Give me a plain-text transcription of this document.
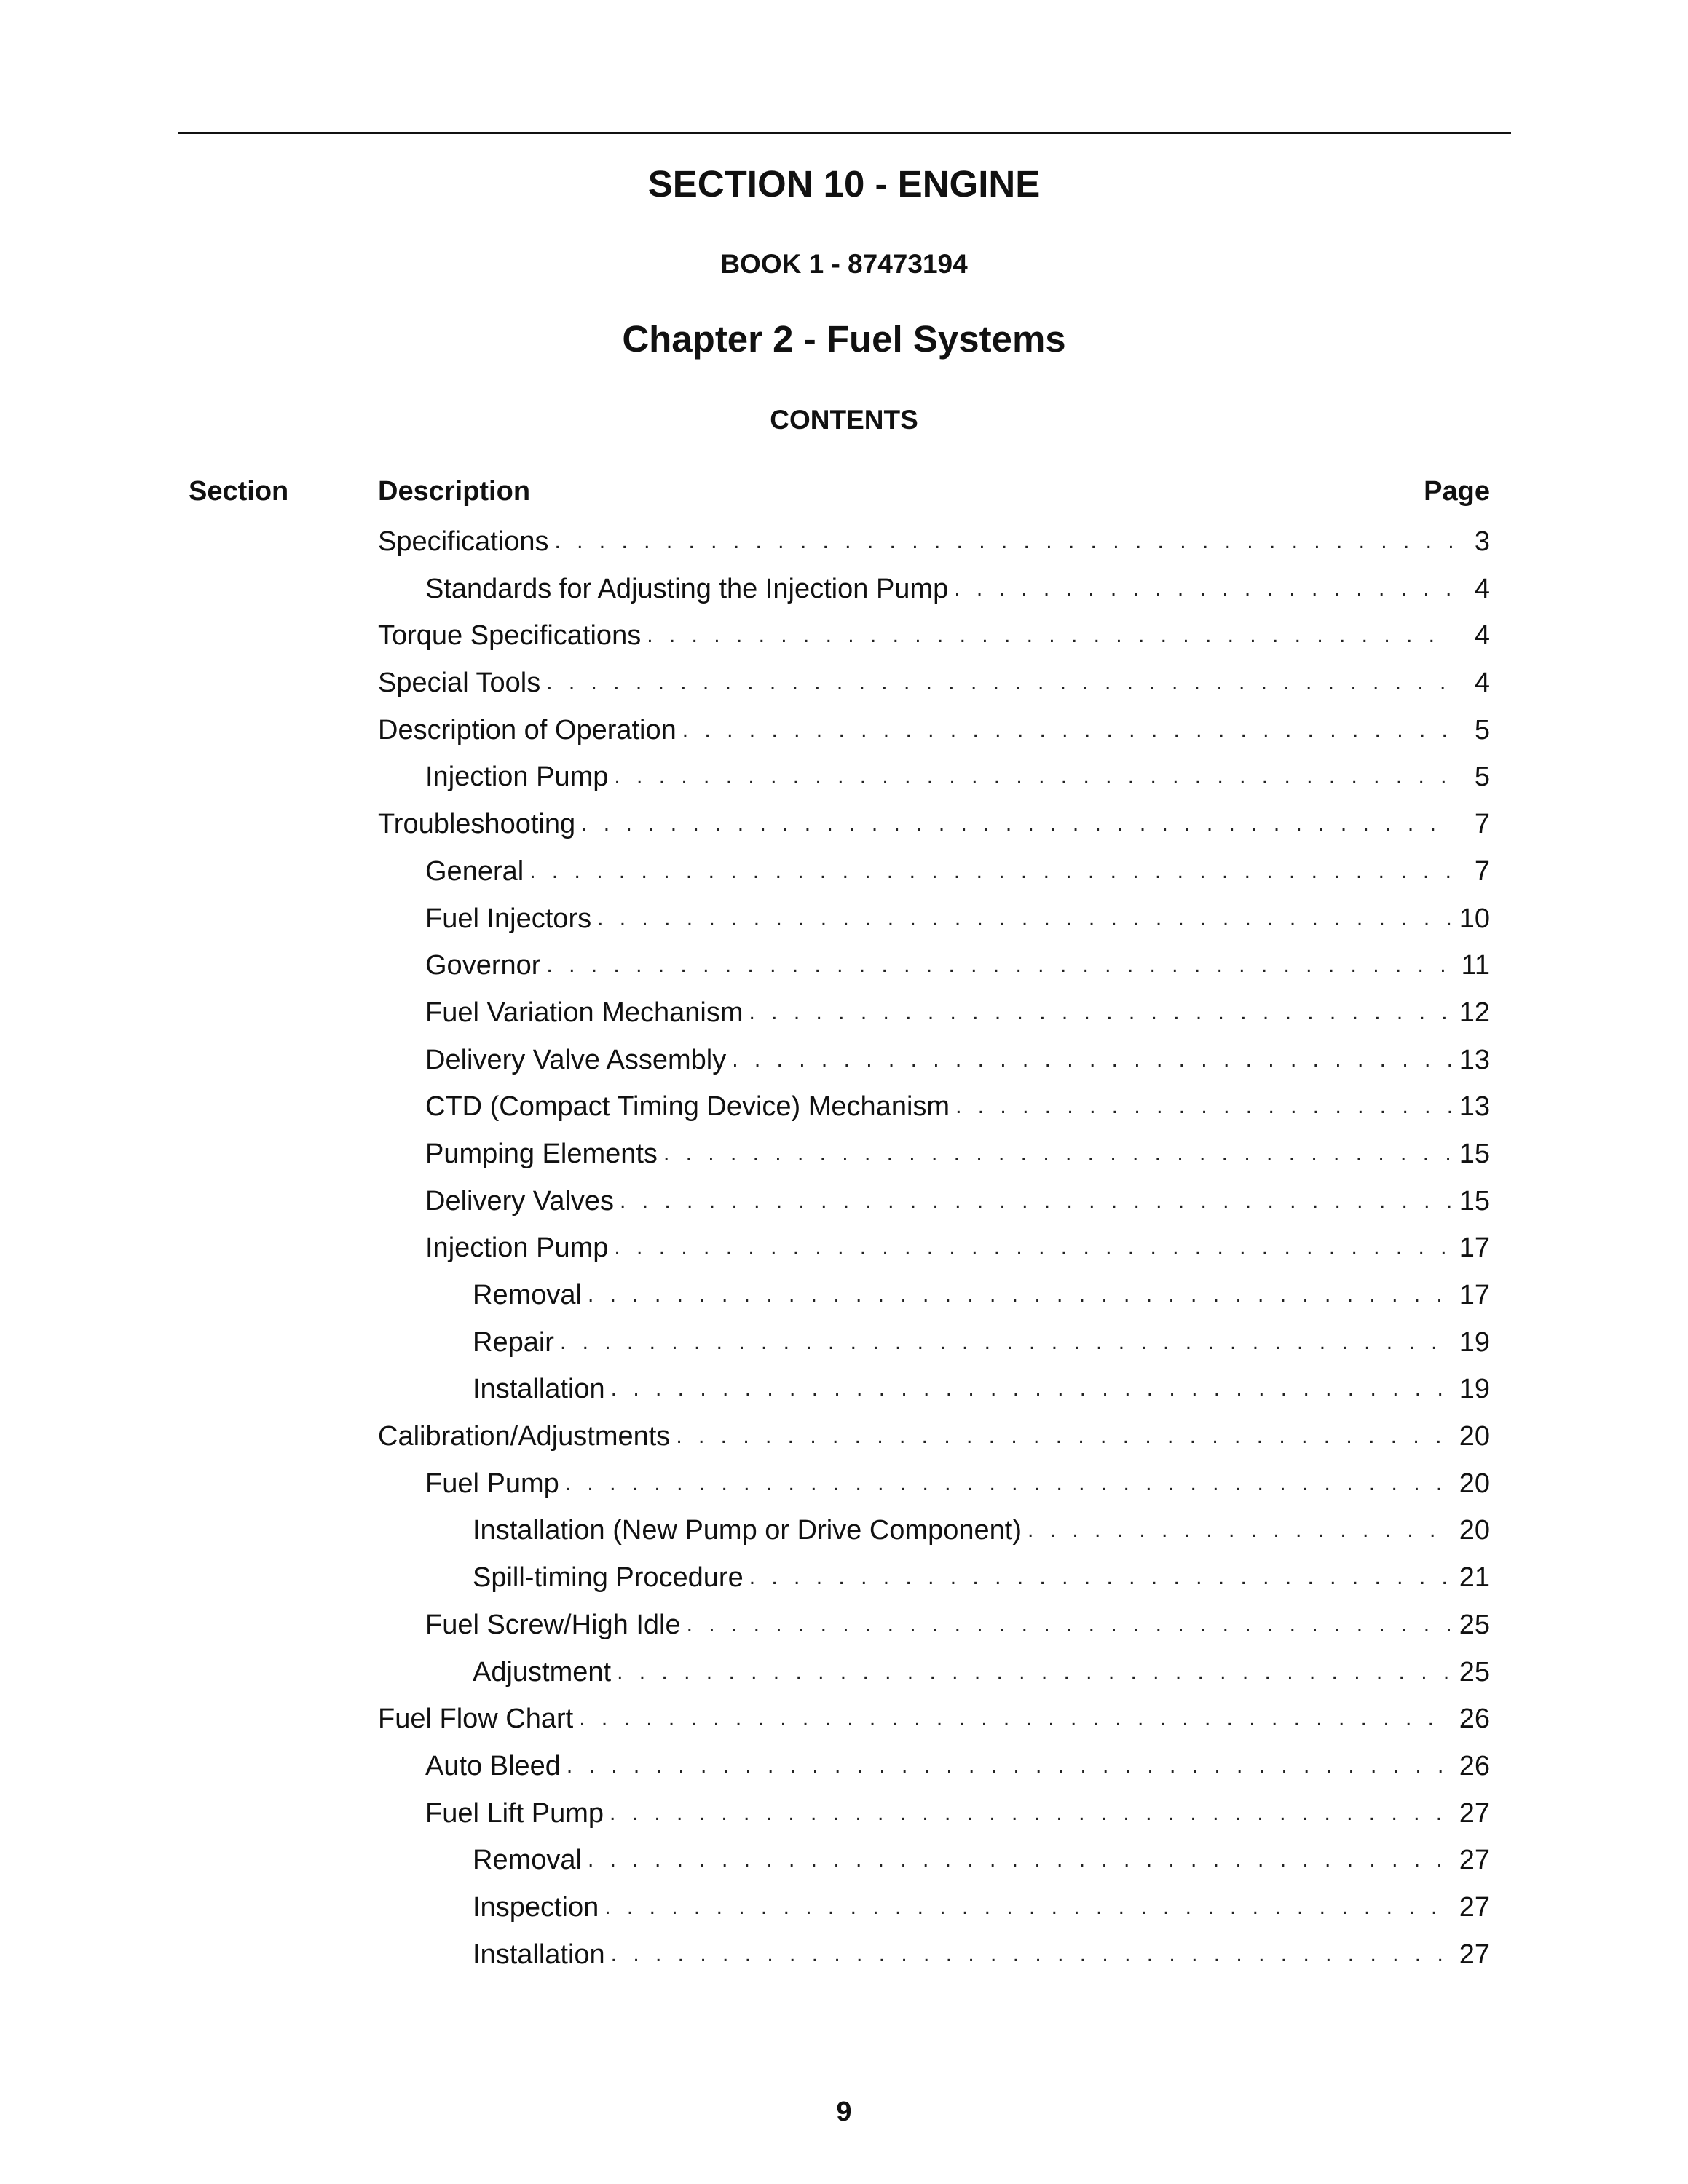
SECTION 10 - ENGINE
BOOK 1 - 87473194
Chapter 2 - Fuel Systems
CONTENTS
Section	Description	Page
Specifications . . .	3
Standards for Adjusting the Injection Pump . . .	4
Torque Specifications . . .	4
Special Tools . . .	4
Description of Operation . . .	5
Injection Pump . . .	5
Troubleshooting . . .	7
General . . .	7
Fuel Injectors . . .	10
Governor . . .	11
Fuel Variation Mechanism . . .	12
Delivery Valve Assembly . . .	13
CTD (Compact Timing Device) Mechanism . . .	13
Pumping Elements . . .	15
Delivery Valves . . .	15
Injection Pump . . .	17
Removal . . .	17
Repair . . .	19
Installation . . .	19
Calibration/Adjustments . . .	20
Fuel Pump . . .	20
Installation (New Pump or Drive Component) . . .	20
Spill-timing Procedure . . .	21
Fuel Screw/High Idle . . .	25
Adjustment . . .	25
Fuel Flow Chart . . .	26
Auto Bleed . . .	26
Fuel Lift Pump . . .	27
Removal . . .	27
Inspection . . .	27
Installation . . .	27
9
